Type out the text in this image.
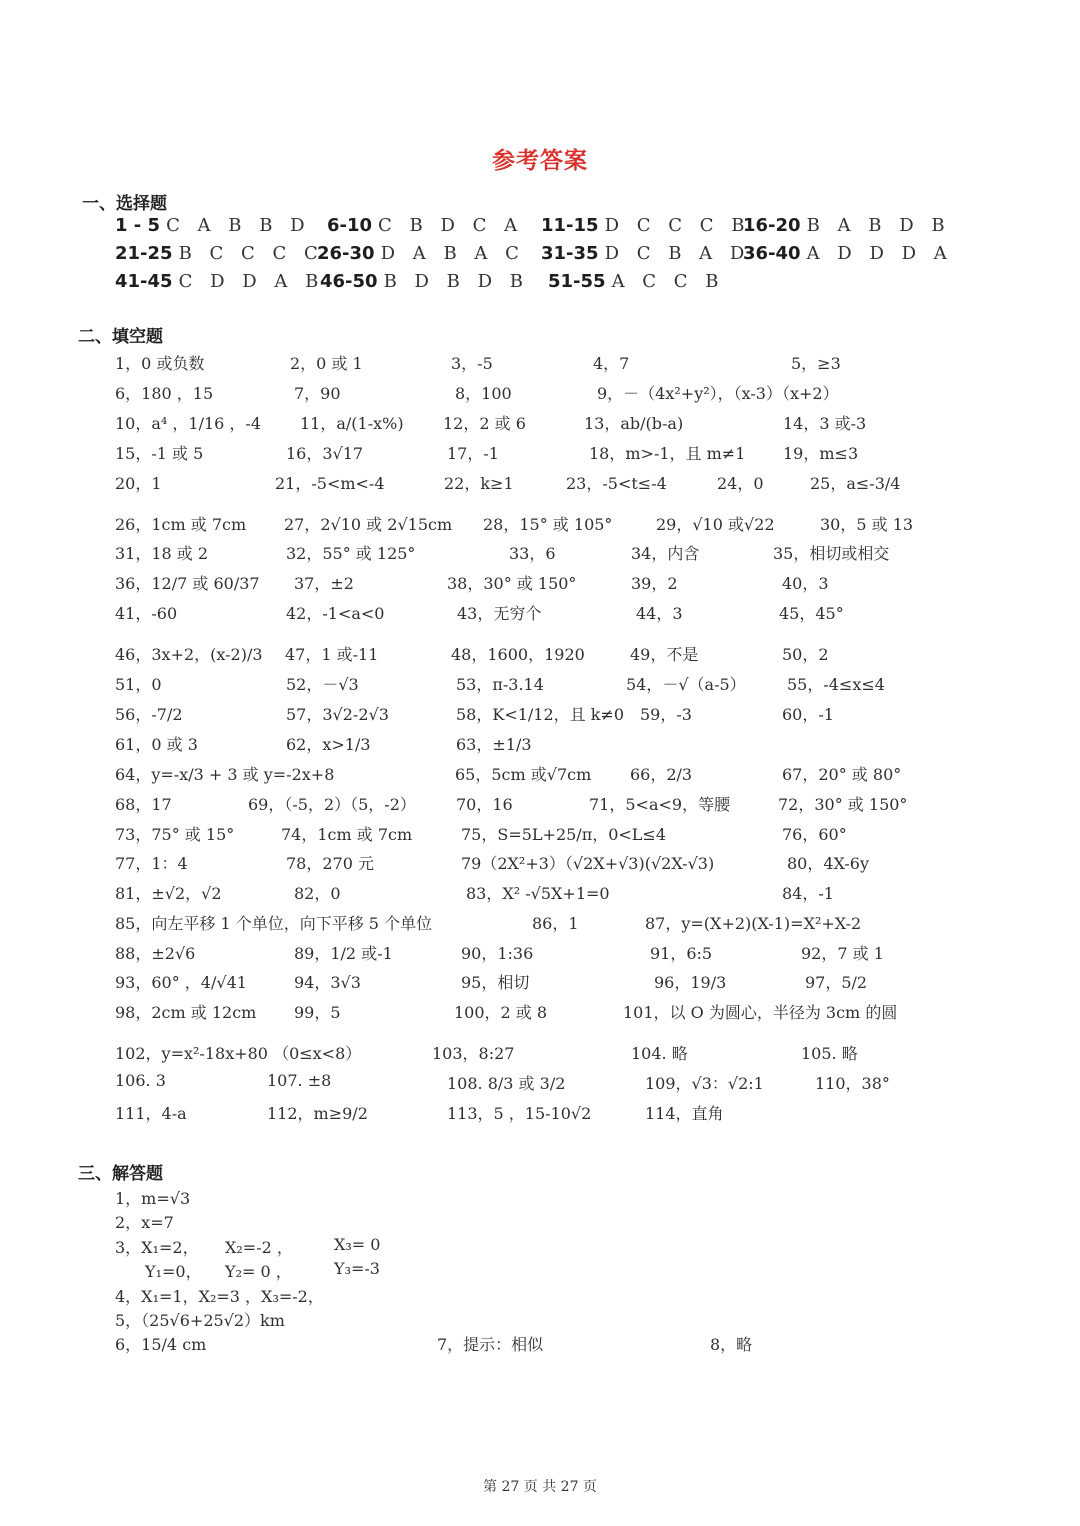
参考答案
一、选择题
1 - 5 C A B B D 6-10 C B D C A 11-15 D C C C B
16-20 B A B D B
21-25 B C C C C
26-30 D A B A C 31-35 D C B A D
36-40 A D D D A
41-45 C D D A B
46-50 B D B D B 51-55 A C C B
二、填空题
1，0 或负数	2，0 或 1	3，-5	4，7	5，≥3
6，180 ，15	7，90	8，100	9，－（4x²+y²），（x-3）（x+2）
10，a⁴ ，1/16 ，-4 11，a/(1-x%) 12，2 或 6	13，ab/(b-a)	14，3 或-3
15，-1 或 5	16，3√17	17，-1	18，m>-1，且 m≠1 19，m≤3
20，1	21，-5<m<-4	22，k≥1	23，-5<t≤-4	24，0	25，a≤-3/4
26，1cm 或 7cm 27，2√10 或 2√15cm 28，15° 或 105°	29，√10 或√22	30，5 或 13
31，18 或 2	32，55° 或 125°	33，6	34，内含	35，相切或相交
36，12/7 或 60/37 37，±2	38，30° 或 150°	39，2	40，3
41，-60	42，-1<a<0	43，无穷个	44，3	45，45°
46，3x+2，(x-2)/3 47，1 或-11	48，1600，1920	49，不是	50，2
51，0	52，－√3	53，π-3.14	54，－√（a-5）	55，-4≤x≤4
56，-7/2	57，3√2-2√3	58，K<1/12，且 k≠0 59，-3	60，-1
61，0 或 3	62，x>1/3	63，±1/3
64，y=-x/3 + 3 或 y=-2x+8	65，5cm 或√7cm 66，2/3	67，20° 或 80°
68，17	69，（-5，2）（5，-2）	70，16	71，5<a<9，等腰	72，30° 或 150°
73，75° 或 15°	74，1cm 或 7cm	75，S=5L+25/π，0<L≤4	76，60°
77，1：4	78，270 元	79（2X²+3）（√2X+√3)(√2X-√3)	80，4X-6y
81，±√2，√2	82，0	83，X² -√5X+1=0	84，-1
85，向左平移 1 个单位，向下平移 5 个单位	86，1	87，y=(X+2)(X-1)=X²+X-2
88，±2√6	89，1/2 或-1	90，1:36	91，6:5	92，7 或 1
93，60° ，4/√41	94，3√3	95，相切	96，19/3	97，5/2
98，2cm 或 12cm 99，5	100，2 或 8	101，以 O 为圆心，半径为 3cm 的圆
102，y=x²-18x+80 （0≤x<8）	103，8:27	104. 略	105. 略
106. 3	107. ±8	108. 8/3 或 3/2	109，√3：√2:1	110，38°
111，4-a	112，m≥9/2	113，5 ，15-10√2	114，直角
三、解答题
1，m=√3
2，x=7
3，X₁=2， X₂=-2 ，	X₃= 0
Y₁=0， Y₂= 0 ，	Y₃=-3
4，X₁=1，X₂=3 ，X₃=-2，
5，（25√6+25√2）km
6，15/4 cm	7，提示：相似	8，略
第 27 页 共 27 页
